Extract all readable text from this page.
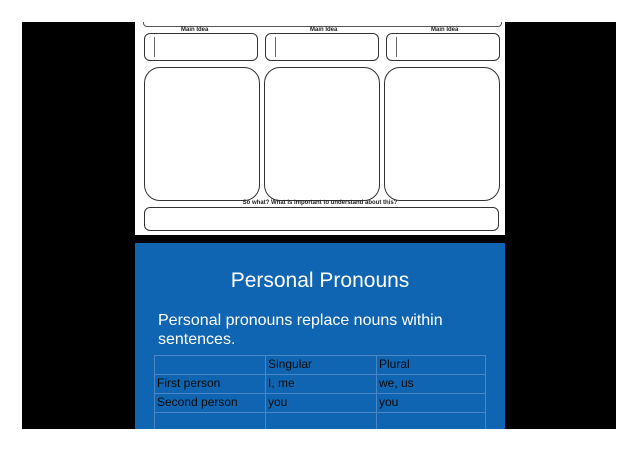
Main Idea	Main Idea	Main Idea
So what? What is important to understand about this?
Personal Pronouns
Personal pronouns replace nouns within sentences.
	Singular	Plural
First person	I, me	we, us
Second person	you	you
